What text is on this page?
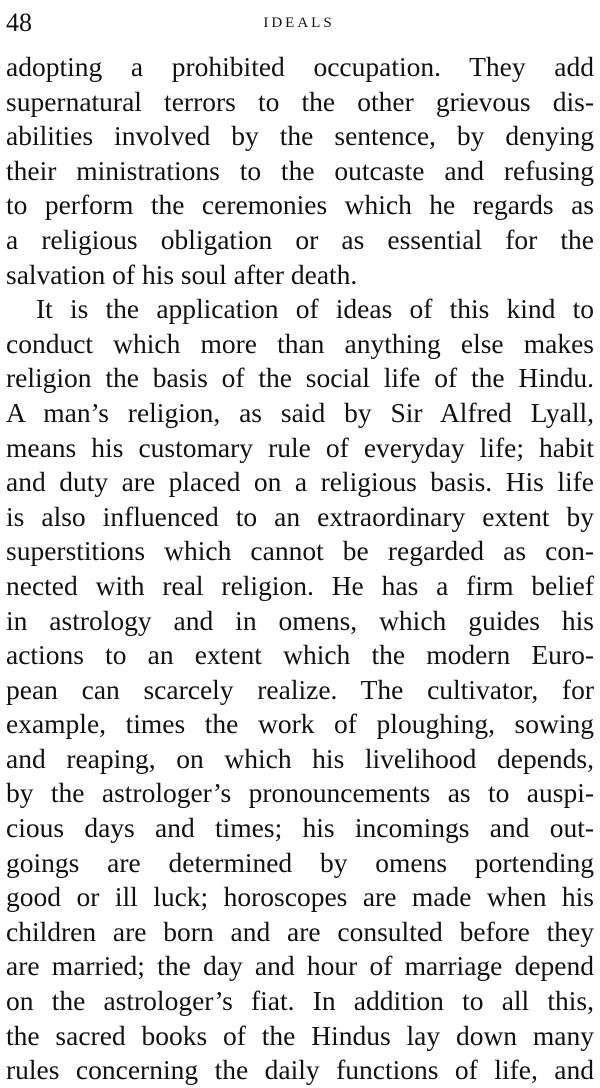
48	IDEALS
adopting a prohibited occupation. They add
supernatural terrors to the other grievous dis-
abilities involved by the sentence, by denying
their ministrations to the outcaste and refusing
to perform the ceremonies which he regards as
a religious obligation or as essential for the
salvation of his soul after death.
It is the application of ideas of this kind to
conduct which more than anything else makes
religion the basis of the social life of the Hindu.
A man’s religion, as said by Sir Alfred Lyall,
means his customary rule of everyday life; habit
and duty are placed on a religious basis. His life
is also influenced to an extraordinary extent by
superstitions which cannot be regarded as con-
nected with real religion. He has a firm belief
in astrology and in omens, which guides his
actions to an extent which the modern Euro-
pean can scarcely realize. The cultivator, for
example, times the work of ploughing, sowing
and reaping, on which his livelihood depends,
by the astrologer’s pronouncements as to auspi-
cious days and times; his incomings and out-
goings are determined by omens portending
good or ill luck; horoscopes are made when his
children are born and are consulted before they
are married; the day and hour of marriage depend
on the astrologer’s fiat. In addition to all this,
the sacred books of the Hindus lay down many
rules concerning the daily functions of life, and
